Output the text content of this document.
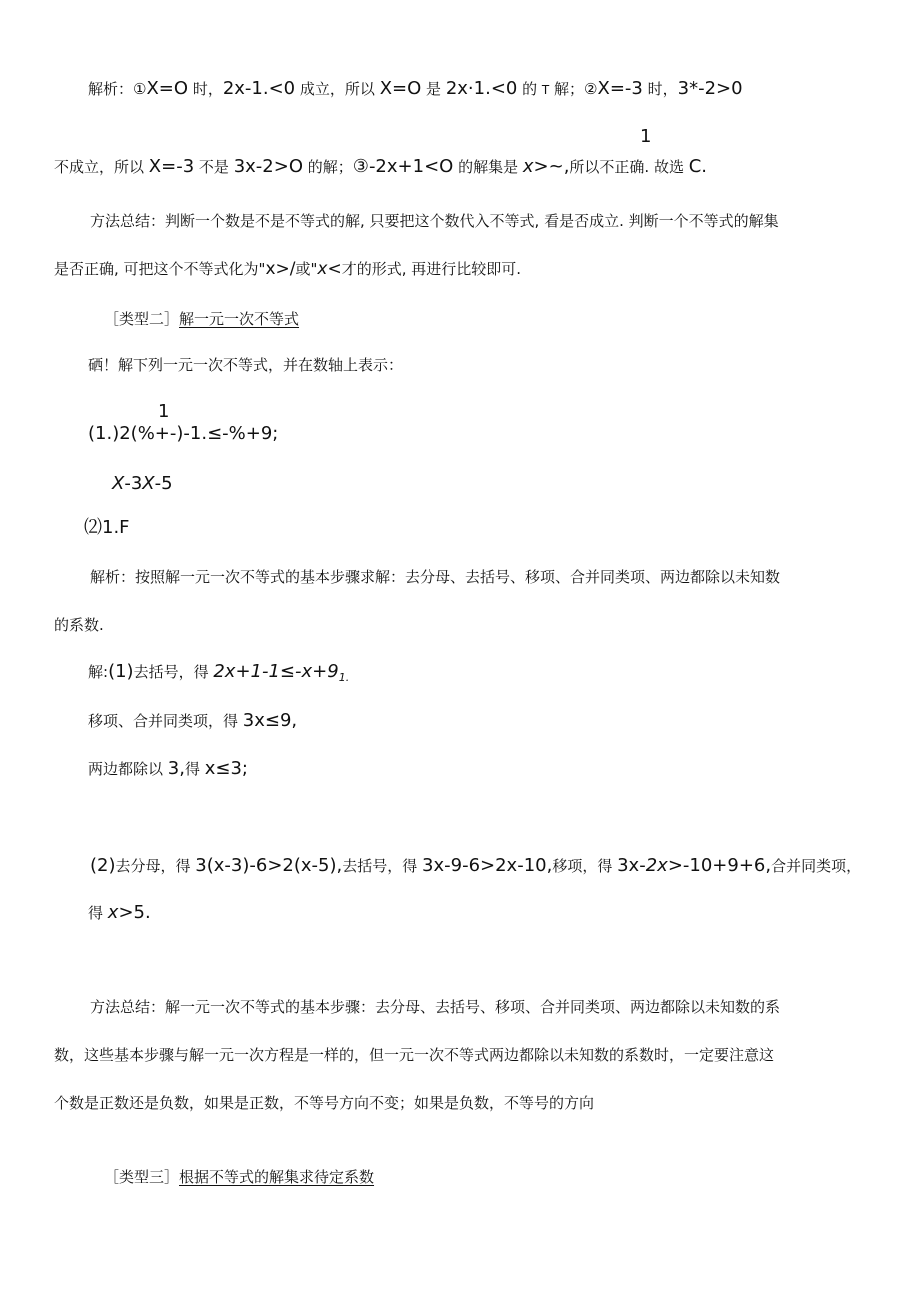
解析：①X=O 时，2x-1.<0 成立，所以 X=O 是 2x·1.<0 的 T 解；②X=-3 时，3*-2>0
1
不成立，所以 X=-3 不是 3x-2>O 的解；③-2x+1<O 的解集是 x>~,所以不正确. 故选 C.
方法总结：判断一个数是不是不等式的解, 只要把这个数代入不等式, 看是否成立. 判断一个不等式的解集
是否正确, 可把这个不等式化为"x>/或"x<才的形式, 再进行比较即可.
［类型二］解一元一次不等式
硒！解下列一元一次不等式，并在数轴上表示：
1
(1.)2(%+-)-1.≤-%+9;
X-3X-5
⑵1.F
解析：按照解一元一次不等式的基本步骤求解：去分母、去括号、移项、合并同类项、两边都除以未知数
的系数.
解:(1)去括号，得 $2x+1-1\le-x+9_{1.}$
移项、合并同类项，得 3x≤9,
两边都除以 3,得 x≤3;
(2)去分母，得 3(x-3)-6>2(x-5),去括号，得 3x-9-6>2x-10,移项，得 3x-2x>-10+9+6,合并同类项，
得 x>5.
方法总结：解一元一次不等式的基本步骤：去分母、去括号、移项、合并同类项、两边都除以未知数的系
数，这些基本步骤与解一元一次方程是一样的，但一元一次不等式两边都除以未知数的系数时，一定要注意这
个数是正数还是负数，如果是正数，不等号方向不变；如果是负数，不等号的方向
［类型三］根据不等式的解集求待定系数
